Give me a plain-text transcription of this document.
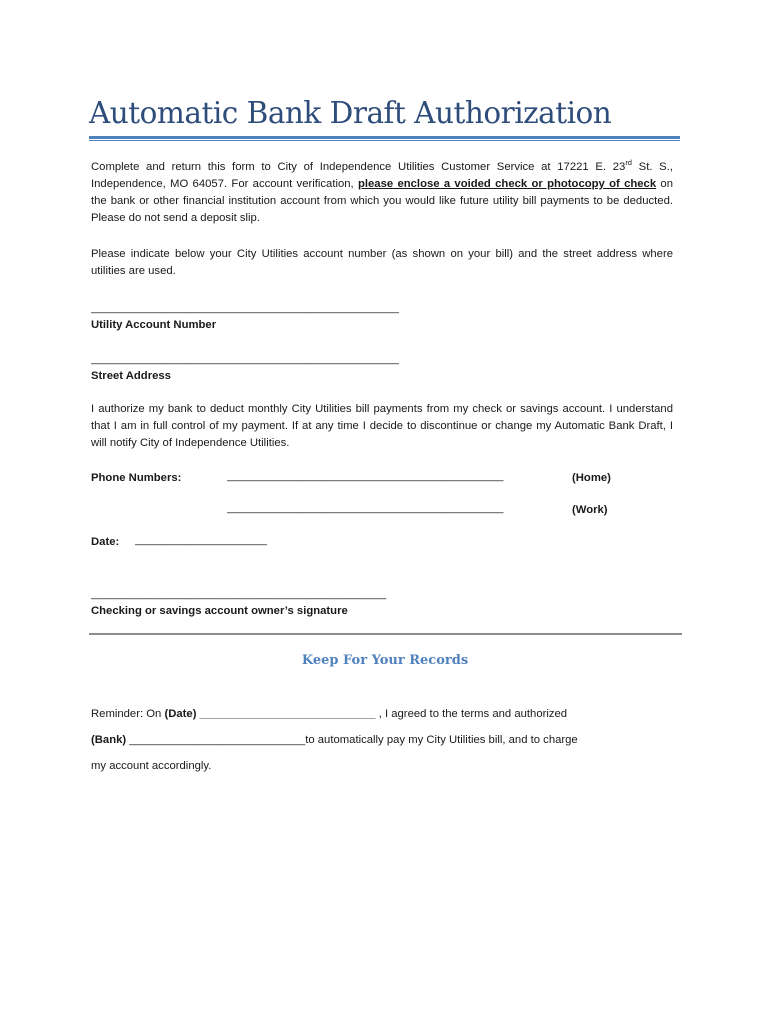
Automatic Bank Draft Authorization
Complete and return this form to City of Independence Utilities Customer Service at 17221 E. 23rd St. S., Independence, MO 64057. For account verification, please enclose a voided check or photocopy of check on the bank or other financial institution account from which you would like future utility bill payments to be deducted. Please do not send a deposit slip.
Please indicate below your City Utilities account number (as shown on your bill) and the street address where utilities are used.
_________________________________________________
Utility Account Number
_________________________________________________
Street Address
I authorize my bank to deduct monthly City Utilities bill payments from my check or savings account. I understand that I am in full control of my payment. If at any time I decide to discontinue or change my Automatic Bank Draft, I will notify City of Independence Utilities.
Phone Numbers:	____________________________________________	(Home)
____________________________________________	(Work)
Date: _____________________
_______________________________________________
Checking or savings account owner’s signature
Keep For Your Records
Reminder: On (Date) ____________________________ , I agreed to the terms and authorized
(Bank) ____________________________to automatically pay my City Utilities bill, and to charge
my account accordingly.
